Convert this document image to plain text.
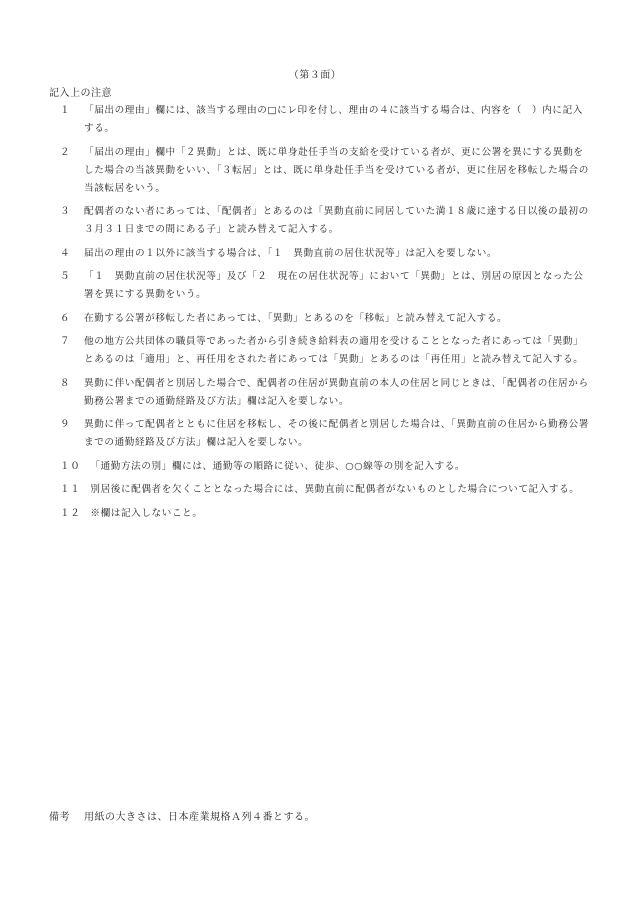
（第３面）
記入上の注意
１	「届出の理由」欄には、該当する理由の□にレ印を付し、理由の４に該当する場合は、内容を（　）内に記入する。
２	「届出の理由」欄中「２異動」とは、既に単身赴任手当の支給を受けている者が、更に公署を異にする異動をした場合の当該異動をいい、「３転居」とは、既に単身赴任手当を受けている者が、更に住居を移転した場合の当該転居をいう。
３	配偶者のない者にあっては、「配偶者」とあるのは「異動直前に同居していた満１８歳に達する日以後の最初の３月３１日までの間にある子」と読み替えて記入する。
４	届出の理由の１以外に該当する場合は、「１　異動直前の居住状況等」は記入を要しない。
５	「１　異動直前の居住状況等」及び「２　現在の居住状況等」において「異動」とは、別居の原因となった公署を異にする異動をいう。
６	在勤する公署が移転した者にあっては、「異動」とあるのを「移転」と読み替えて記入する。
７	他の地方公共団体の職員等であった者から引き続き給料表の適用を受けることとなった者にあっては「異動」とあるのは「適用」と、再任用をされた者にあっては「異動」とあるのは「再任用」と読み替えて記入する。
８	異動に伴い配偶者と別居した場合で、配偶者の住居が異動直前の本人の住居と同じときは、「配偶者の住居から勤務公署までの通勤経路及び方法」欄は記入を要しない。
９	異動に伴って配偶者とともに住居を移転し、その後に配偶者と別居した場合は、「異動直前の住居から勤務公署までの通勤経路及び方法」欄は記入を要しない。
１０	「通勤方法の別」欄には、通勤等の順路に従い、徒歩、○○線等の別を記入する。
１１	別居後に配偶者を欠くこととなった場合には、異動直前に配偶者がないものとした場合について記入する。
１２	※欄は記入しないこと。
備考	用紙の大きさは、日本産業規格Ａ列４番とする。
